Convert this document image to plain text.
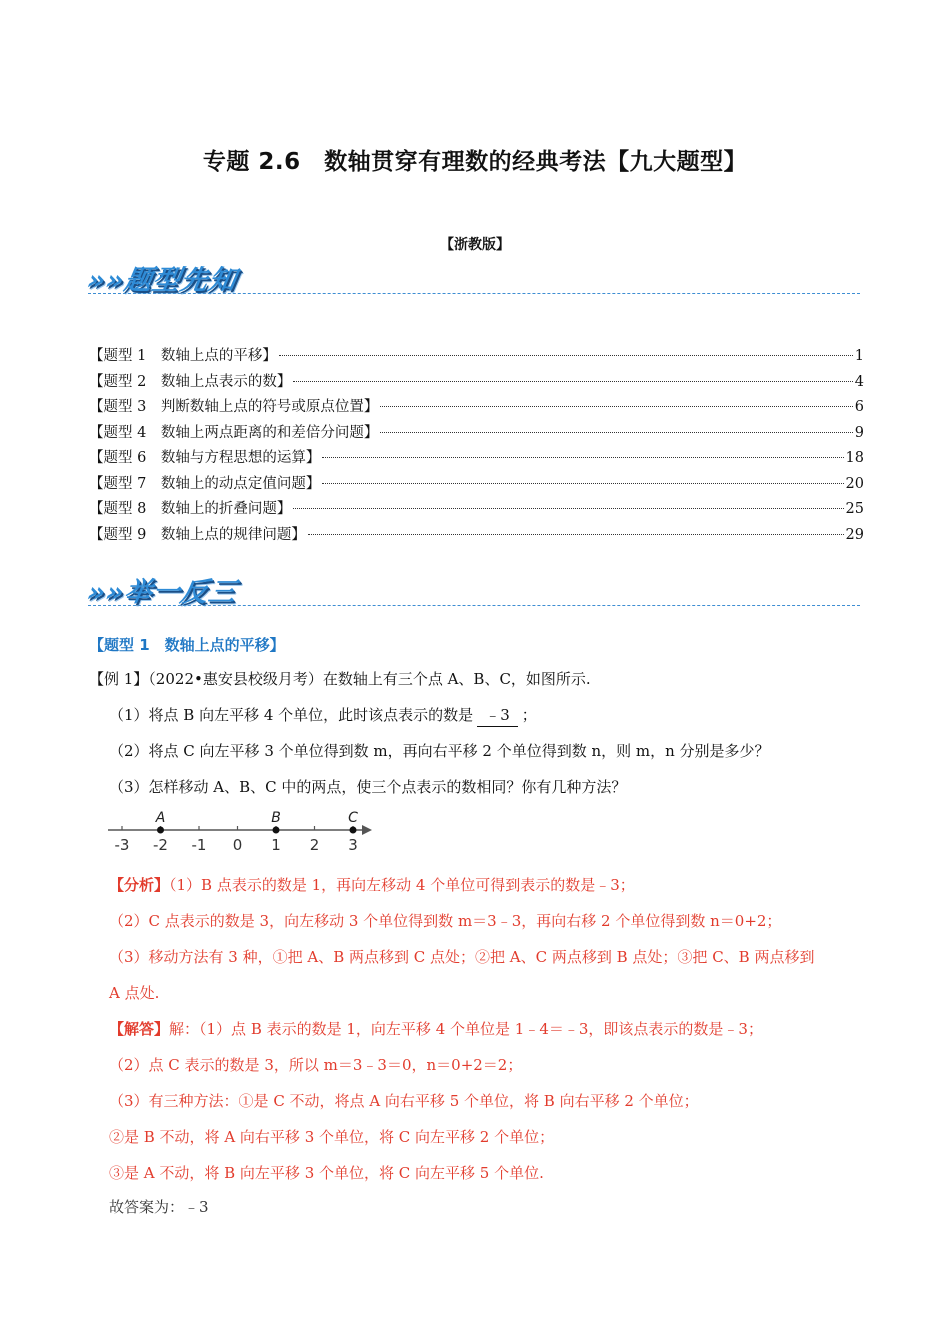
专题 2.6　数轴贯穿有理数的经典考法【九大题型】
【浙教版】
»»题型先知
【题型 1　数轴上点的平移】	1
【题型 2　数轴上点表示的数】	4
【题型 3　判断数轴上点的符号或原点位置】	6
【题型 4　数轴上两点距离的和差倍分问题】	9
【题型 6　数轴与方程思想的运算】	18
【题型 7　数轴上的动点定值问题】	20
【题型 8　数轴上的折叠问题】	25
【题型 9　数轴上点的规律问题】	29
»»举一反三
【题型 1　数轴上点的平移】
【例 1】（2022•惠安县校级月考）在数轴上有三个点 A、B、C，如图所示.
（1）将点 B 向左平移 4 个单位，此时该点表示的数是 ﹣3 ；
（2）将点 C 向左平移 3 个单位得到数 m，再向右平移 2 个单位得到数 n，则 m，n 分别是多少？
（3）怎样移动 A、B、C 中的两点，使三个点表示的数相同？你有几种方法？
-3 -2 -1 0 1 2 3
A	B	C
【分析】（1）B 点表示的数是 1，再向左移动 4 个单位可得到表示的数是﹣3；
（2）C 点表示的数是 3，向左移动 3 个单位得到数 m＝3﹣3，再向右移 2 个单位得到数 n＝0+2；
（3）移动方法有 3 种，①把 A、B 两点移到 C 点处；②把 A、C 两点移到 B 点处；③把 C、B 两点移到
A 点处.
【解答】解：（1）点 B 表示的数是 1，向左平移 4 个单位是 1﹣4＝﹣3，即该点表示的数是﹣3；
（2）点 C 表示的数是 3，所以 m＝3﹣3＝0，n＝0+2＝2；
（3）有三种方法：①是 C 不动，将点 A 向右平移 5 个单位，将 B 向右平移 2 个单位；
②是 B 不动，将 A 向右平移 3 个单位，将 C 向左平移 2 个单位；
③是 A 不动，将 B 向左平移 3 个单位，将 C 向左平移 5 个单位.
故答案为：﹣3
